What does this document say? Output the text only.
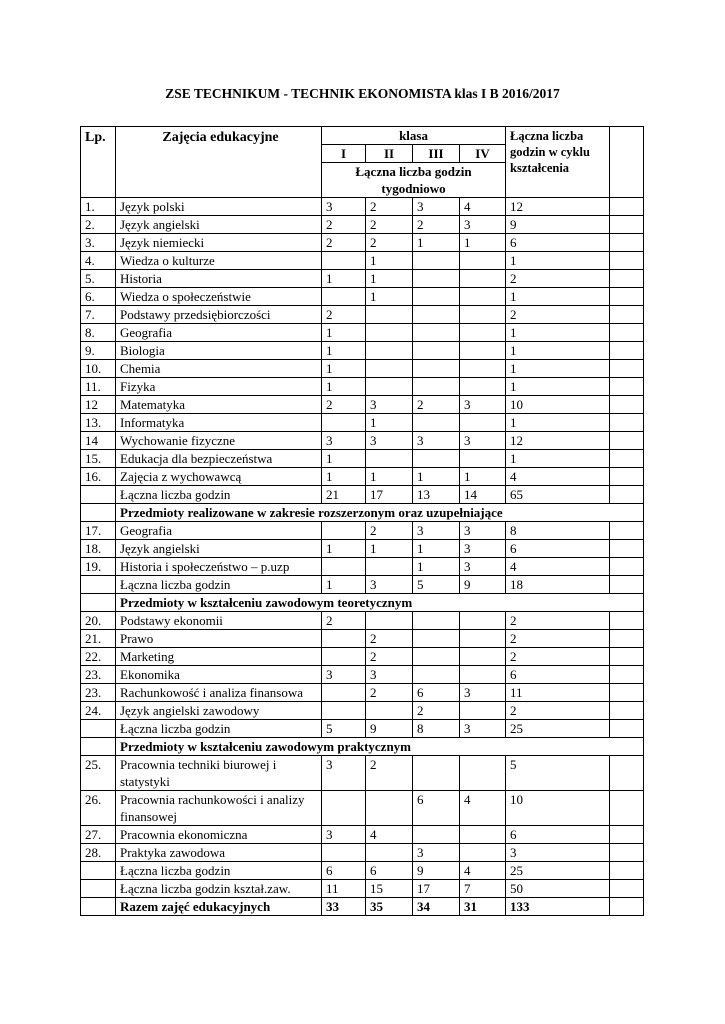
ZSE TECHNIKUM - TECHNIK EKONOMISTA klas I B 2016/2017
Lp.	Zajęcia edukacyjne	klasa				Łączna liczba godzin w cyklu kształcenia	
		I	II	III	IV		
		Łączna liczba godzin tygodniowo					
1.	Język polski	3	2	3	4	12	
2.	Język angielski	2	2	2	3	9	
3.	Język niemiecki	2	2	1	1	6	
4.	Wiedza o kulturze		1			1	
5.	Historia	1	1			2	
6.	Wiedza o społeczeństwie		1			1	
7.	Podstawy przedsiębiorczości	2				2	
8.	Geografia	1				1	
9.	Biologia	1				1	
10.	Chemia	1				1	
11.	Fizyka	1				1	
12	Matematyka	2	3	2	3	10	
13.	Informatyka		1			1	
14	Wychowanie fizyczne	3	3	3	3	12	
15.	Edukacja dla bezpieczeństwa	1				1	
16.	Zajęcia z wychowawcą	1	1	1	1	4	
	Łączna liczba godzin	21	17	13	14	65	
	Przedmioty realizowane w zakresie rozszerzonym oraz uzupełniające						
17.	Geografia		2	3	3	8	
18.	Język angielski	1	1	1	3	6	
19.	Historia i społeczeństwo – p.uzp			1	3	4	
	Łączna liczba godzin	1	3	5	9	18	
	Przedmioty w kształceniu zawodowym teoretycznym						
20.	Podstawy ekonomii	2				2	
21.	Prawo		2			2	
22.	Marketing		2			2	
23.	Ekonomika	3	3			6	
23.	Rachunkowość i analiza finansowa		2	6	3	11	
24.	Język angielski zawodowy			2		2	
	Łączna liczba godzin	5	9	8	3	25	
	Przedmioty w kształceniu zawodowym praktycznym						
25.	Pracownia techniki biurowej i statystyki	3	2			5	
26.	Pracownia rachunkowości i analizy finansowej			6	4	10	
27.	Pracownia ekonomiczna	3	4			6	
28.	Praktyka zawodowa			3		3	
	Łączna liczba godzin	6	6	9	4	25	
	Łączna liczba godzin kształ.zaw.	11	15	17	7	50	
	Razem zajęć edukacyjnych	33	35	34	31	133	
